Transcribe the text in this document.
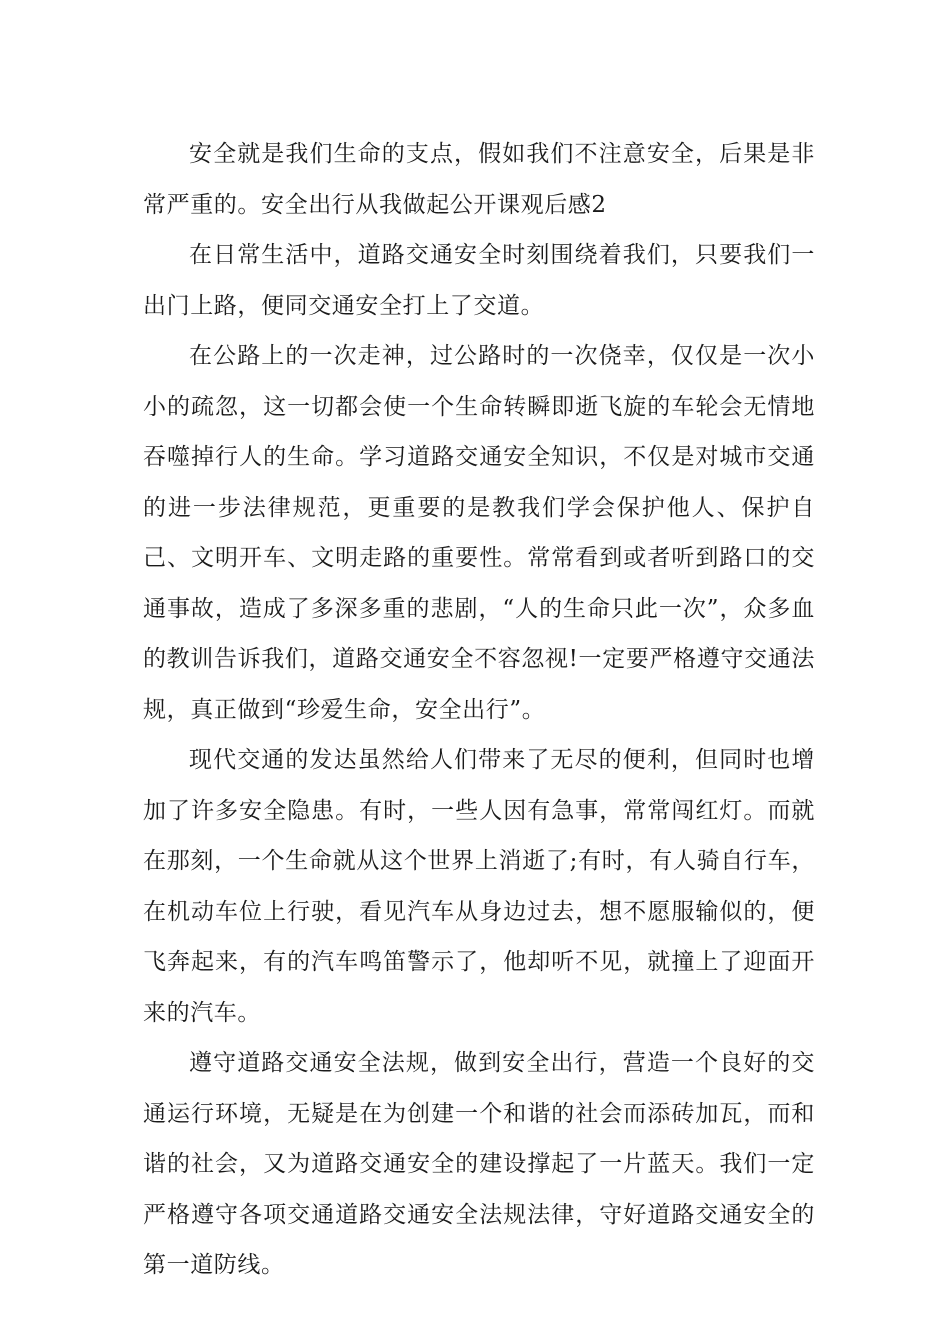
安全就是我们生命的支点，假如我们不注意安全，后果是非常严重的。安全出行从我做起公开课观后感2

在日常生活中，道路交通安全时刻围绕着我们，只要我们一出门上路，便同交通安全打上了交道。

在公路上的一次走神，过公路时的一次侥幸，仅仅是一次小小的疏忽，这一切都会使一个生命转瞬即逝飞旋的车轮会无情地吞噬掉行人的生命。学习道路交通安全知识，不仅是对城市交通的进一步法律规范，更重要的是教我们学会保护他人、保护自己、文明开车、文明走路的重要性。常常看到或者听到路口的交通事故，造成了多深多重的悲剧，“人的生命只此一次”，众多血的教训告诉我们，道路交通安全不容忽视!一定要严格遵守交通法规，真正做到“珍爱生命，安全出行”。

现代交通的发达虽然给人们带来了无尽的便利，但同时也增加了许多安全隐患。有时，一些人因有急事，常常闯红灯。而就在那刻，一个生命就从这个世界上消逝了;有时，有人骑自行车，在机动车位上行驶，看见汽车从身边过去，想不愿服输似的，便飞奔起来，有的汽车鸣笛警示了，他却听不见，就撞上了迎面开来的汽车。

遵守道路交通安全法规，做到安全出行，营造一个良好的交通运行环境，无疑是在为创建一个和谐的社会而添砖加瓦，而和谐的社会，又为道路交通安全的建设撑起了一片蓝天。我们一定严格遵守各项交通道路交通安全法规法律，守好道路交通安全的第一道防线。
